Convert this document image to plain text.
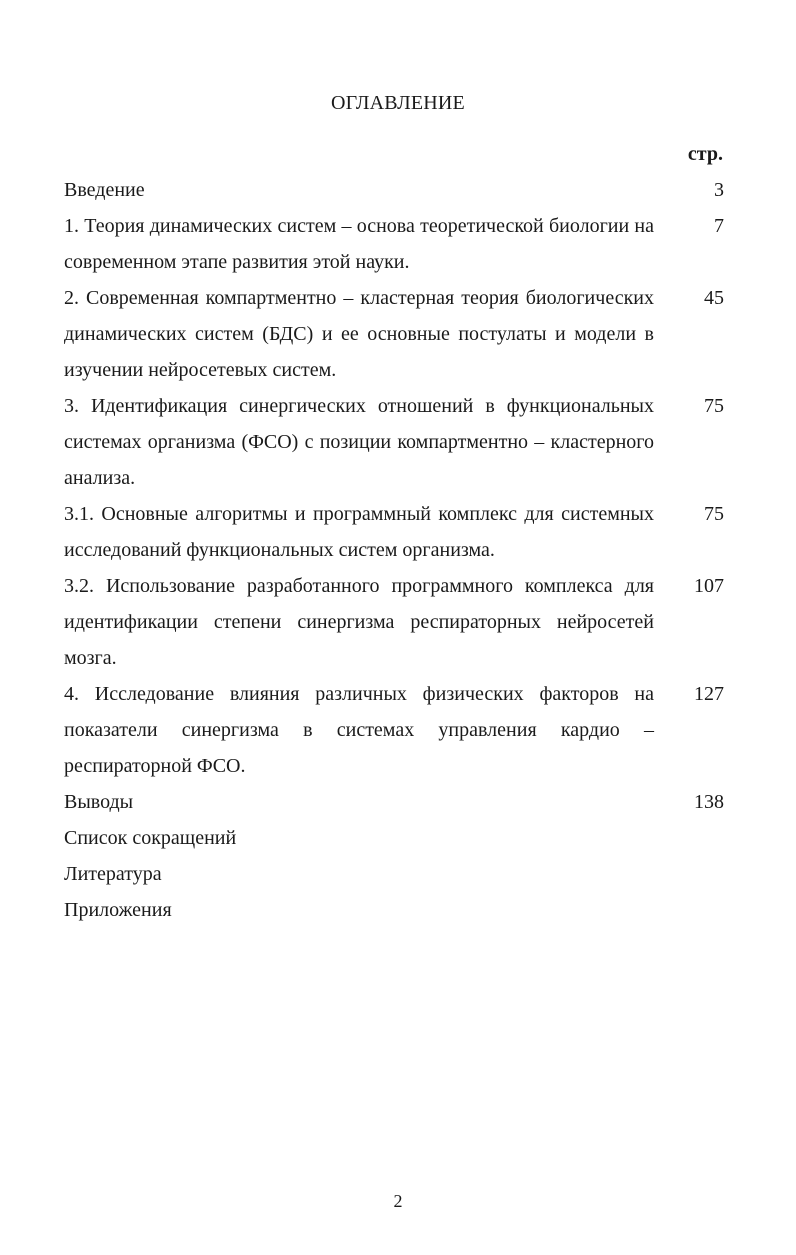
ОГЛАВЛЕНИЕ
стр.
Введение	3
1. Теория динамических систем – основа теоретической биологии на современном этапе развития этой науки.
7
2. Современная компартментно – кластерная теория биологических динамических систем (БДС) и ее основные постулаты и модели в изучении нейросетевых систем.
45
3. Идентификация синергических отношений в функциональных системах организма (ФСО) с позиции компартментно – кластерного анализа.
75
3.1. Основные алгоритмы и программный комплекс для системных исследований функциональных систем организма.
75
3.2. Использование разработанного программного комплекса для идентификации степени синергизма респираторных нейросетей мозга.
107
4. Исследование влияния различных физических факторов на показатели синергизма в системах управления кардио – респираторной ФСО.
127
Выводы	138
Список сокращений
Литература
Приложения
2
